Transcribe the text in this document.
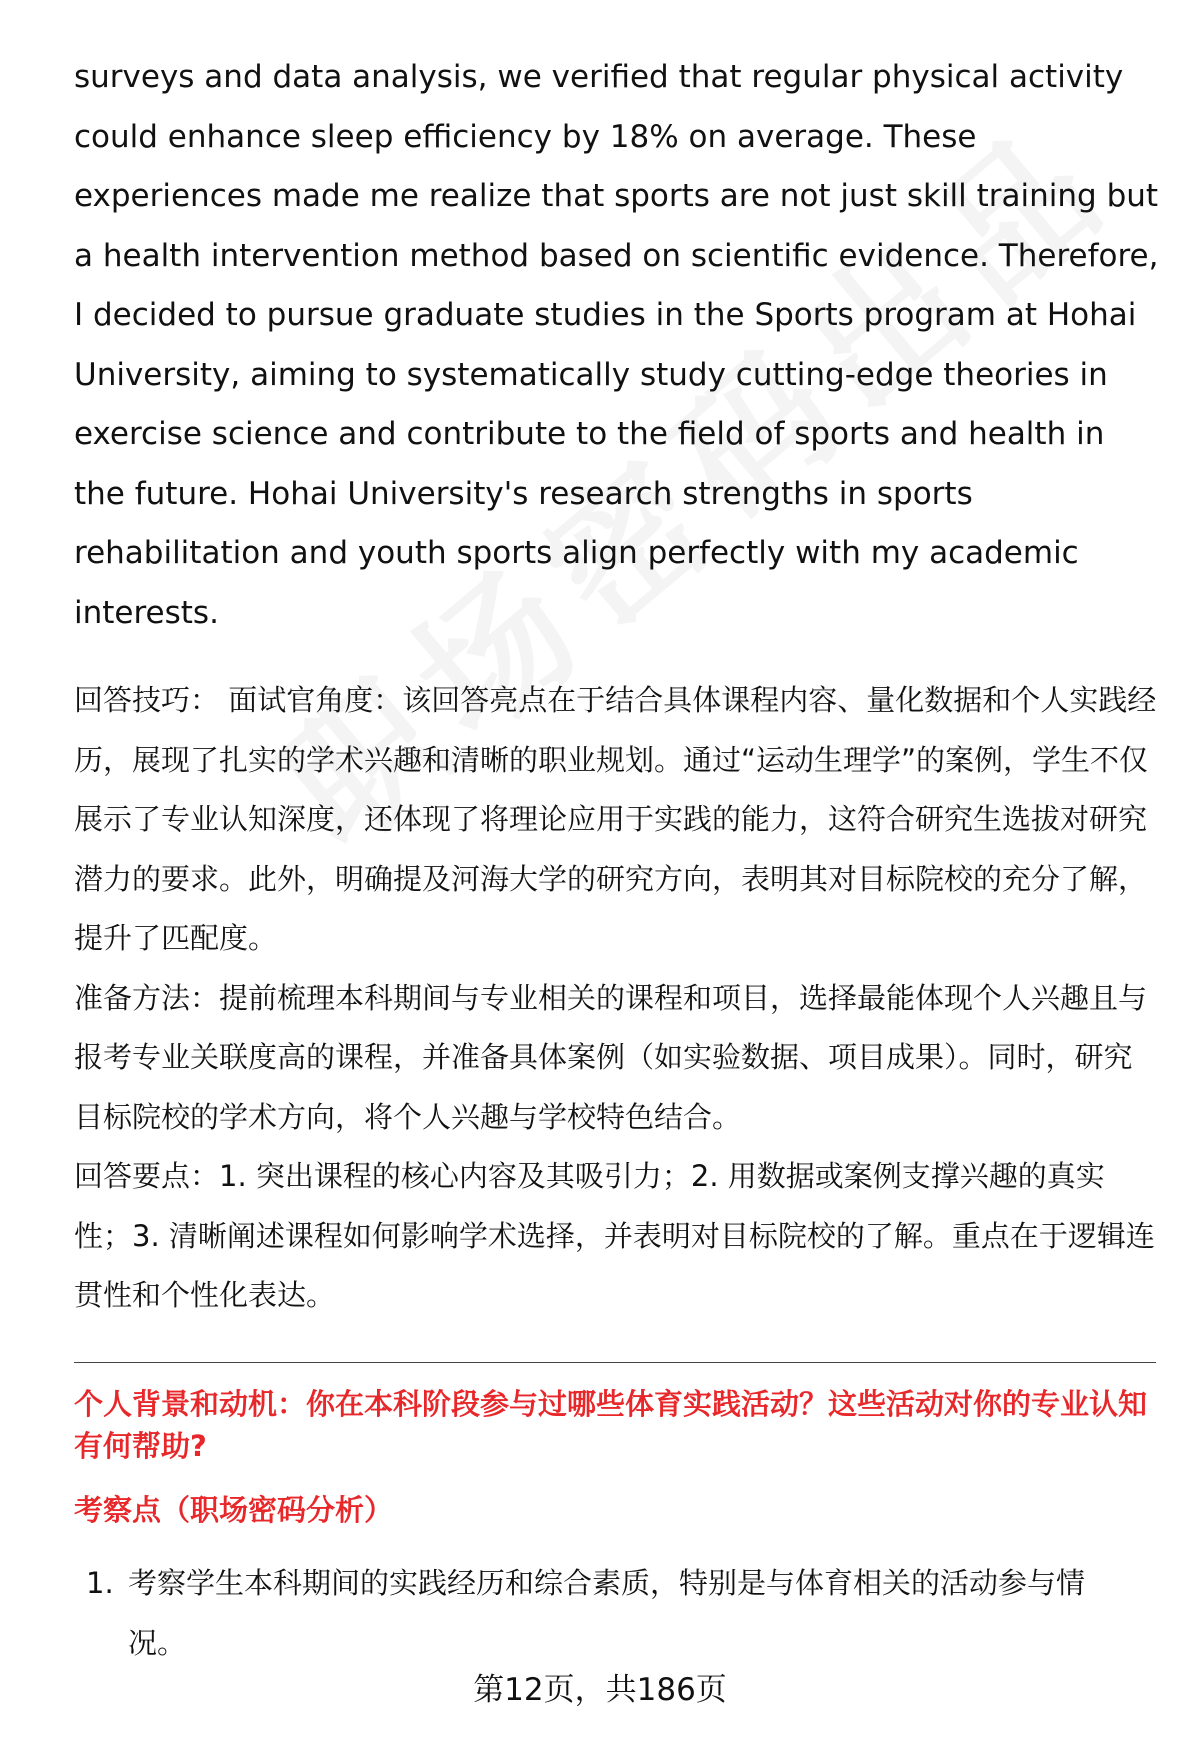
surveys and data analysis, we verified that regular physical activity could enhance sleep efficiency by 18% on average. These experiences made me realize that sports are not just skill training but a health intervention method based on scientific evidence. Therefore, I decided to pursue graduate studies in the Sports program at Hohai University, aiming to systematically study cutting-edge theories in exercise science and contribute to the field of sports and health in the future. Hohai University's research strengths in sports rehabilitation and youth sports align perfectly with my academic interests.

回答技巧： 面试官角度：该回答亮点在于结合具体课程内容、量化数据和个人实践经历，展现了扎实的学术兴趣和清晰的职业规划。通过“运动生理学”的案例，学生不仅展示了专业认知深度，还体现了将理论应用于实践的能力，这符合研究生选拔对研究潜力的要求。此外，明确提及河海大学的研究方向，表明其对目标院校的充分了解，提升了匹配度。

准备方法：提前梳理本科期间与专业相关的课程和项目，选择最能体现个人兴趣且与报考专业关联度高的课程，并准备具体案例（如实验数据、项目成果）。同时，研究目标院校的学术方向，将个人兴趣与学校特色结合。

回答要点：1. 突出课程的核心内容及其吸引力；2. 用数据或案例支撑兴趣的真实性；3. 清晰阐述课程如何影响学术选择，并表明对目标院校的了解。重点在于逻辑连贯性和个性化表达。

个人背景和动机：你在本科阶段参与过哪些体育实践活动？这些活动对你的专业认知有何帮助?
考察点（职场密码分析）
1. 考察学生本科期间的实践经历和综合素质，特别是与体育相关的活动参与情况。
第12页，共186页
